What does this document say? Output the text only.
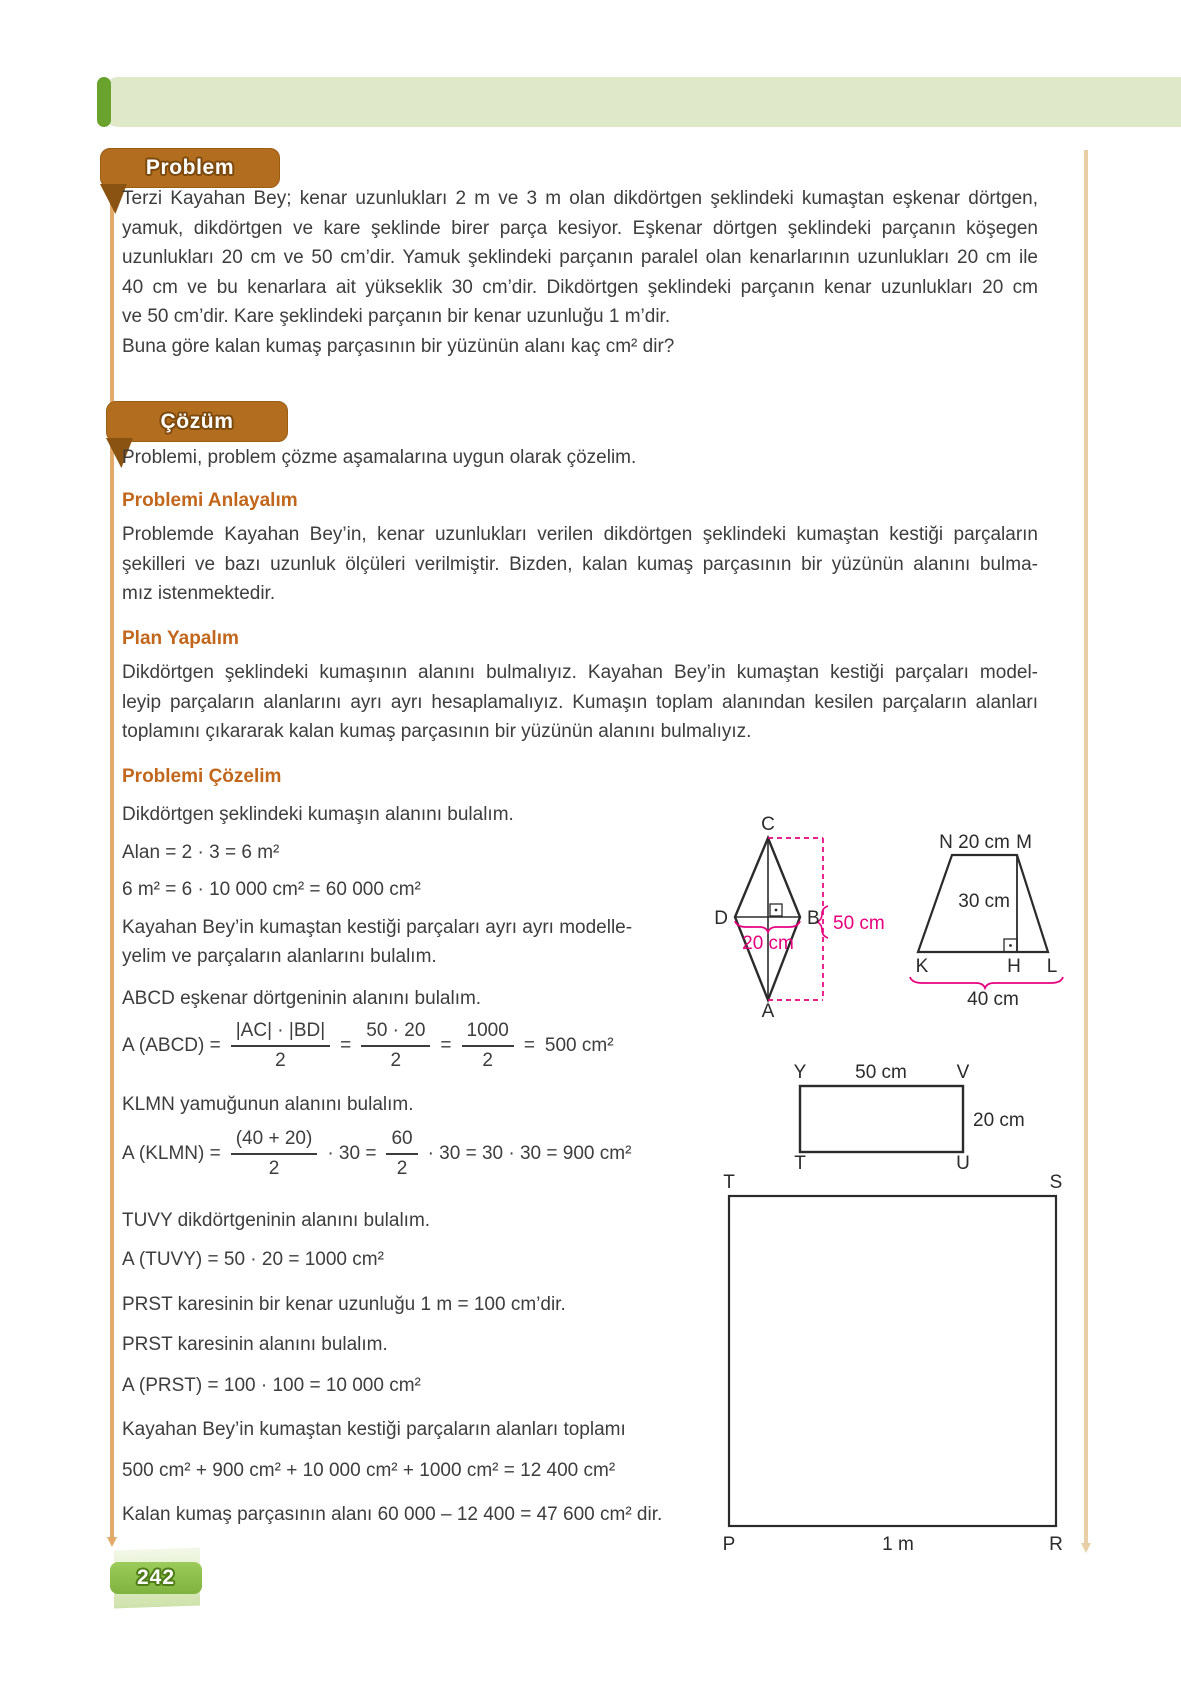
Problem
Terzi Kayahan Bey; kenar uzunlukları 2 m ve 3 m olan dikdörtgen şeklindeki kumaştan eşkenar dörtgen,
yamuk, dikdörtgen ve kare şeklinde birer parça kesiyor. Eşkenar dörtgen şeklindeki parçanın köşegen
uzunlukları 20 cm ve 50 cm’dir. Yamuk şeklindeki parçanın paralel olan kenarlarının uzunlukları 20 cm ile
40 cm ve bu kenarlara ait yükseklik 30 cm’dir. Dikdörtgen şeklindeki parçanın kenar uzunlukları 20 cm
ve 50 cm’dir. Kare şeklindeki parçanın bir kenar uzunluğu 1 m’dir.
Buna göre kalan kumaş parçasının bir yüzünün alanı kaç cm² dir?
Çözüm
Problemi, problem çözme aşamalarına uygun olarak çözelim.
Problemi Anlayalım
Problemde Kayahan Bey’in, kenar uzunlukları verilen dikdörtgen şeklindeki kumaştan kestiği parçaların
şekilleri ve bazı uzunluk ölçüleri verilmiştir. Bizden, kalan kumaş parçasının bir yüzünün alanını bulma-
mız istenmektedir.
Plan Yapalım
Dikdörtgen şeklindeki kumaşının alanını bulmalıyız. Kayahan Bey’in kumaştan kestiği parçaları model-
leyip parçaların alanlarını ayrı ayrı hesaplamalıyız. Kumaşın toplam alanından kesilen parçaların alanları
toplamını çıkararak kalan kumaş parçasının bir yüzünün alanını bulmalıyız.
Problemi Çözelim
Dikdörtgen şeklindeki kumaşın alanını bulalım.
Alan = 2 · 3 = 6 m²
6 m² = 6 · 10 000 cm² = 60 000 cm²
Kayahan Bey’in kumaştan kestiği parçaları ayrı ayrı modelle-
yelim ve parçaların alanlarını bulalım.
ABCD eşkenar dörtgeninin alanını bulalım.
A (ABCD) = $\frac{|AC| \cdot |BD|}{2} = \frac{50 \cdot 20}{2} = \frac{1000}{2} = 500$ cm²
KLMN yamuğunun alanını bulalım.
A (KLMN) = $\frac{(40 + 20)}{2} \cdot 30 = \frac{60}{2} \cdot 30 = 30 \cdot 30 = 900$ cm²
TUVY dikdörtgeninin alanını bulalım.
A (TUVY) = 50 · 20 = 1000 cm²
PRST karesinin bir kenar uzunluğu 1 m = 100 cm’dir.
PRST karesinin alanını bulalım.
A (PRST) = 100 · 100 = 10 000 cm²
Kayahan Bey’in kumaştan kestiği parçaların alanları toplamı
500 cm² + 900 cm² + 10 000 cm² + 1000 cm² = 12 400 cm²
Kalan kumaş parçasının alanı 60 000 – 12 400 = 47 600 cm² dir.
C
D	B
A
20 cm
50 cm
N 20 cm M
30 cm
K	H L
40 cm
Y	50 cm	V
20 cm
T	U
T	S
P	1 m	R
242
